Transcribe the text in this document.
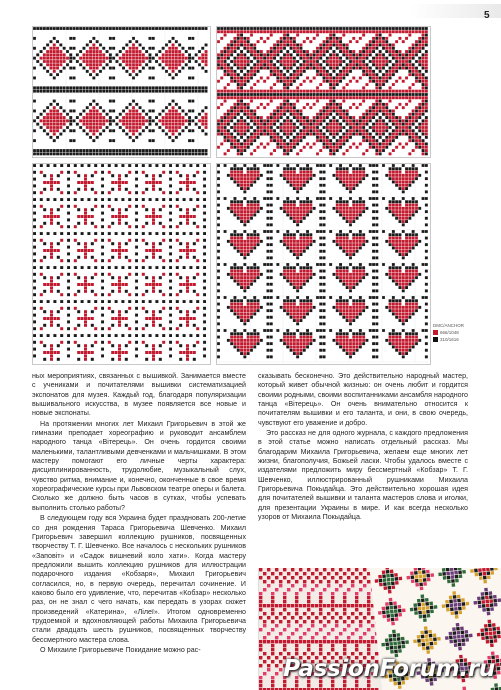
5
DMC/ANCHOR
666/1048
310/1616

ных мероприятиях, связанных с вышивкой. Занимается вместе с учениками и почитателями вышивки систематизацией экспонатов для музея. Каждый год, благодаря популяризации вышивального искусства, в музее появляется все новые и новые экспонаты.

На протяжении многих лет Михаил Григорьевич в этой же гимназии преподает хореографию и руководит ансамблем народного танца «Вітерець». Он очень гордится своими маленькими, талантливыми девченками и мальчишками. В этом мастеру помогают его личные черты характера: дисциплинированность, трудолюбие, музыкальный слух, чувство ритма, внимание и, конечно, оконченные в свое время хореографические курсы при Львовском театре оперы и балета. Сколько же должно быть часов в сутках, чтобы успевать выполнить столько работы?

В следующем году вся Украина будет праздновать 200-летие со дня рождения Тараса Григорьевича Шевченко. Михаил Григорьевич завершил коллекцию рушников, посвященных творчеству Т. Г. Шевченко. Все началось с нескольких рушников «Заповіт» и «Садок вишневий коло хати». Когда мастеру предложили вышить коллекцию рушников для иллюстрации подарочного издания «Кобзаря», Михаил Григорьевич согласился, но, в первую очередь, перечитал сочинение. И каково было его удивление, что, перечитав «Кобзар» несколько раз, он не знал с чего начать, как передать в узорах сюжет произведений «Катерина», «Лілеї». Итогом одновременно трудоемкой и вдохновляющей работы Михаила Григорьевича стали двадцать шесть рушников, посвященных творчеству бессмертного мастера слова.

О Михаиле Григорьевиче Покидание можно рас-

сказывать бесконечно. Это действительно народный мастер, который живет обычной жизнью: он очень любит и гордится своими родными, своими воспитанниками ансамбля народного танца «Вітерець». Он очень внимательно относится к почитателям вышивки и его таланта, и они, в свою очередь, чувствуют его уважение и добро.

Это рассказ не для одного журнала, с каждого предложения в этой статье можно написать отдельный рассказ. Мы благодарим Михаила Григорьевича, желаем еще многих лет жизни, благополучия, Божьей ласки. Чтобы удалось вместе с издателями предложить миру бессмертный «Кобзар» Т. Г. Шевченко, иллюстрированный рушниками Михаила Григорьевича Покыдайца. Это действительно хорошая идея для почитателей вышивки и таланта мастеров слова и иголки, для презентации Украины в мире. И как всегда несколько узоров от Михаила Покыдайца.

PassionForum.ru
